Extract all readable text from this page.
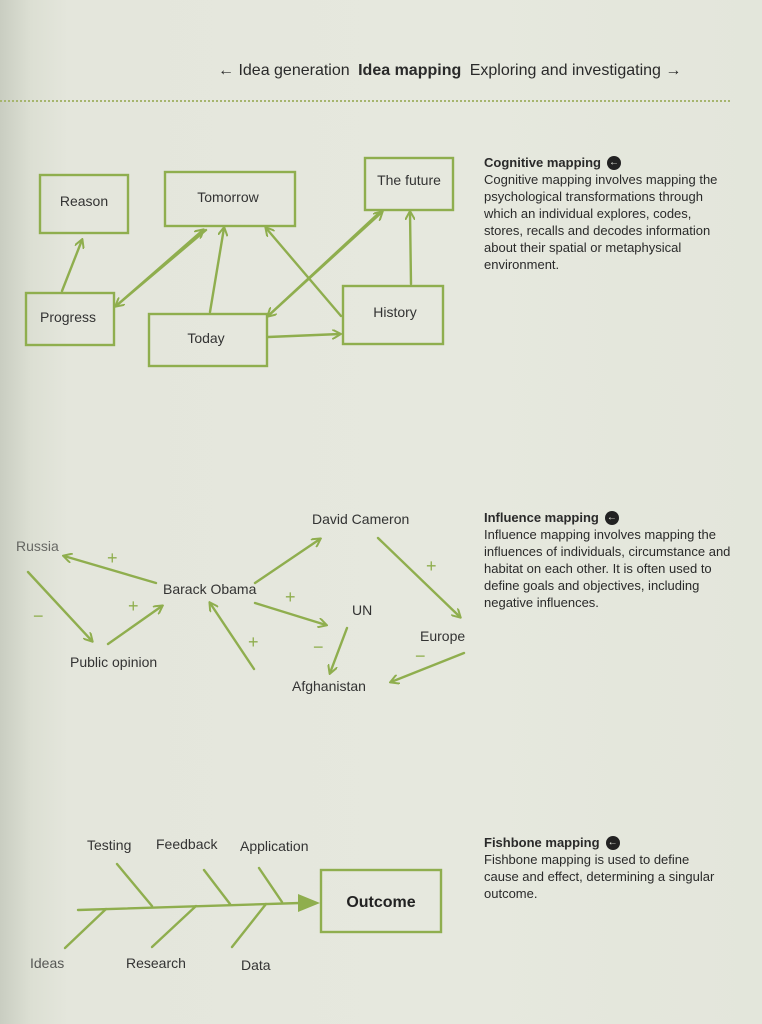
← Idea generation Idea mapping Exploring and investigating →
Reason	Tomorrow
The future
Progress
Today
History
Russia
David Cameron
Barack Obama
UN
Europe
Public opinion
Afghanistan
+
−	+	+
+
−
−
+
Testing Feedback Application
Ideas	Research	Data
Outcome
Cognitive mapping ←

Cognitive mapping involves mapping the psychological transformations through which an individual explores, codes, stores, recalls and decodes information about their spatial or metaphysical environment.

Influence mapping ←

Influence mapping involves mapping the influences of individuals, circumstance and habitat on each other. It is often used to define goals and objectives, including negative influences.

Fishbone mapping ←

Fishbone mapping is used to define cause and effect, determining a singular outcome.
